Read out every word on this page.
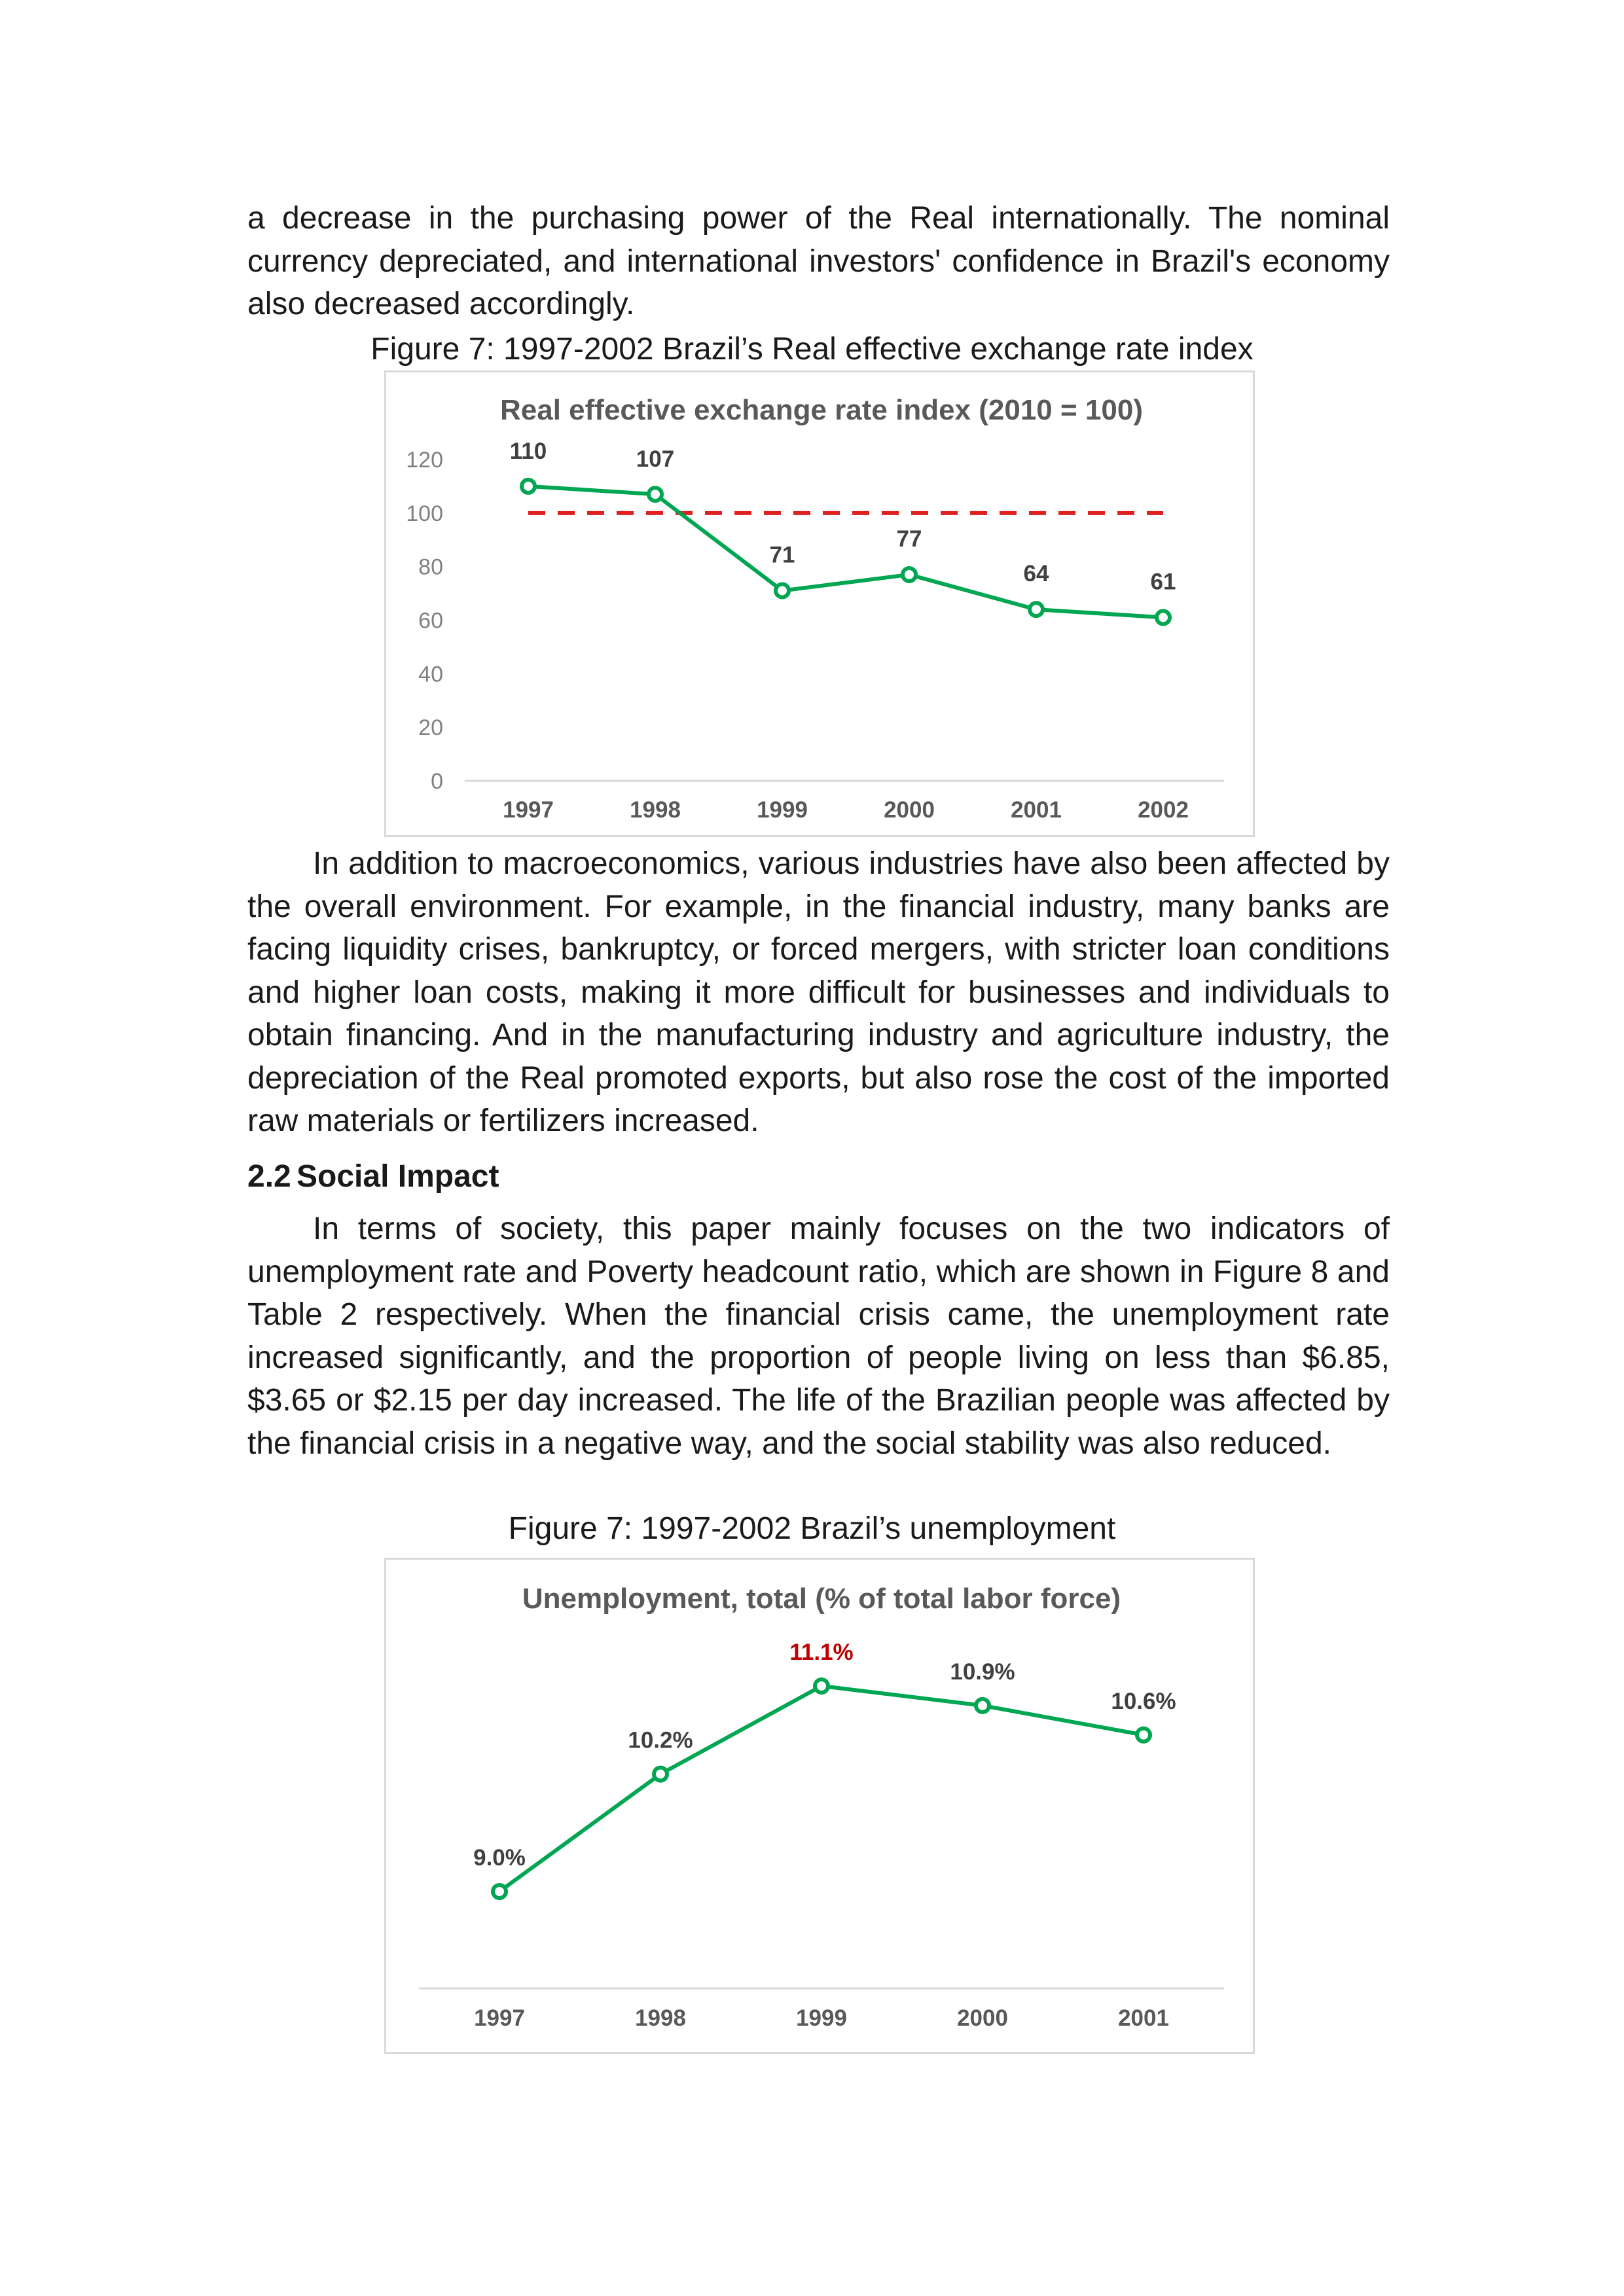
a decrease in the purchasing power of the Real internationally. The nominal currency depreciated, and international investors' confidence in Brazil's economy also decreased accordingly.

Figure 7: 1997-2002 Brazil’s Real effective exchange rate index

Real effective exchange rate index (2010 = 100)
0
20
40
60
80
100
120	110	107
71
77
64	61
1997	1998	1999	2000	2001	2002

In addition to macroeconomics, various industries have also been affected by the overall environment. For example, in the financial industry, many banks are facing liquidity crises, bankruptcy, or forced mergers, with stricter loan conditions and higher loan costs, making it more difficult for businesses and individuals to obtain financing. And in the manufacturing industry and agriculture industry, the depreciation of the Real promoted exports, but also rose the cost of the imported raw materials or fertilizers increased.

2.2 Social Impact

In terms of society, this paper mainly focuses on the two indicators of unemployment rate and Poverty headcount ratio, which are shown in Figure 8 and Table 2 respectively. When the financial crisis came, the unemployment rate increased significantly, and the proportion of people living on less than $6.85, $3.65 or $2.15 per day increased. The life of the Brazilian people was affected by the financial crisis in a negative way, and the social stability was also reduced.

Figure 7: 1997-2002 Brazil’s unemployment

Unemployment, total (% of total labor force)
9.0%
10.2%
11.1%
10.9%
10.6%
1997	1998	1999	2000	2001
